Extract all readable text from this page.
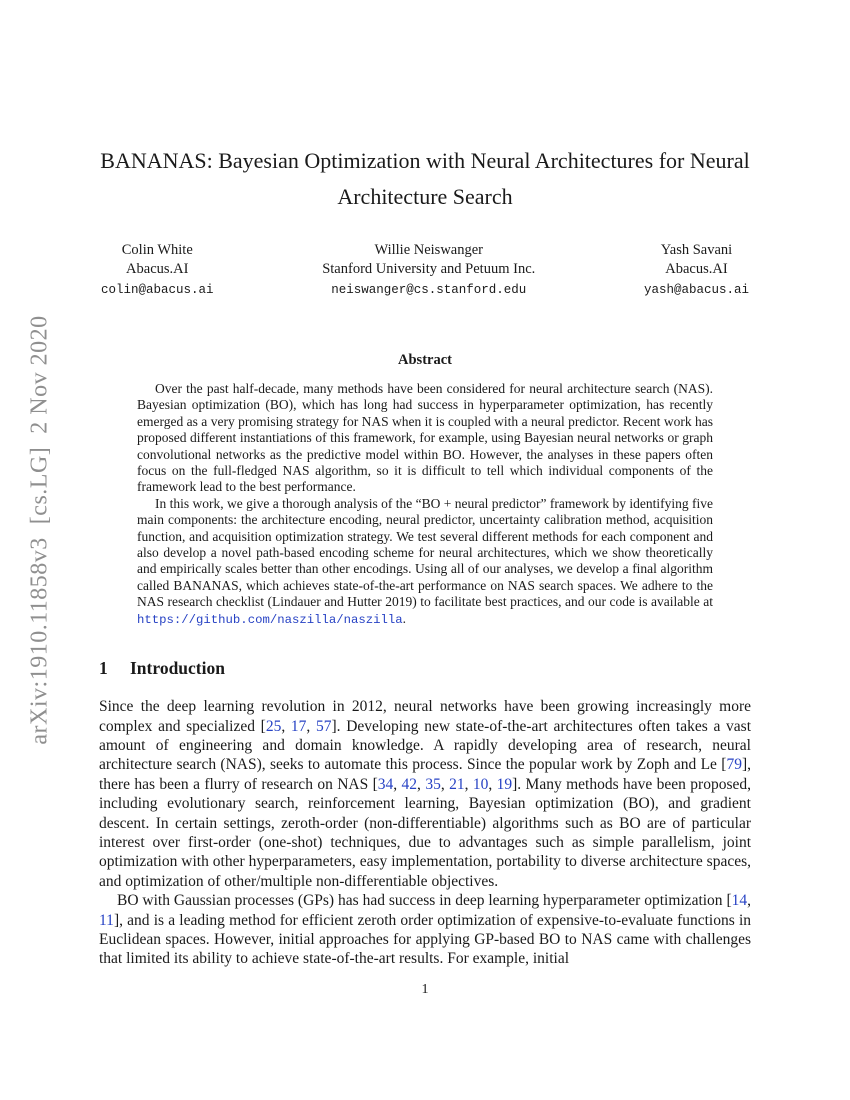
arXiv:1910.11858v3  [cs.LG]  2 Nov 2020
BANANAS: Bayesian Optimization with Neural Architectures for Neural Architecture Search
Colin White
Abacus.AI
colin@abacus.ai
Willie Neiswanger
Stanford University and Petuum Inc.
neiswanger@cs.stanford.edu
Yash Savani
Abacus.AI
yash@abacus.ai
Abstract

Over the past half-decade, many methods have been considered for neural architecture search (NAS). Bayesian optimization (BO), which has long had success in hyperparameter optimization, has recently emerged as a very promising strategy for NAS when it is coupled with a neural predictor. Recent work has proposed different instantiations of this framework, for example, using Bayesian neural networks or graph convolutional networks as the predictive model within BO. However, the analyses in these papers often focus on the full-fledged NAS algorithm, so it is difficult to tell which individual components of the framework lead to the best performance.

In this work, we give a thorough analysis of the “BO + neural predictor” framework by identifying five main components: the architecture encoding, neural predictor, uncertainty calibration method, acquisition function, and acquisition optimization strategy. We test several different methods for each component and also develop a novel path-based encoding scheme for neural architectures, which we show theoretically and empirically scales better than other encodings. Using all of our analyses, we develop a final algorithm called BANANAS, which achieves state-of-the-art performance on NAS search spaces. We adhere to the NAS research checklist (Lindauer and Hutter 2019) to facilitate best practices, and our code is available at https://github.com/naszilla/naszilla.

1 Introduction

Since the deep learning revolution in 2012, neural networks have been growing increasingly more complex and specialized [25, 17, 57]. Developing new state-of-the-art architectures often takes a vast amount of engineering and domain knowledge. A rapidly developing area of research, neural architecture search (NAS), seeks to automate this process. Since the popular work by Zoph and Le [79], there has been a flurry of research on NAS [34, 42, 35, 21, 10, 19]. Many methods have been proposed, including evolutionary search, reinforcement learning, Bayesian optimization (BO), and gradient descent. In certain settings, zeroth-order (non-differentiable) algorithms such as BO are of particular interest over first-order (one-shot) techniques, due to advantages such as simple parallelism, joint optimization with other hyperparameters, easy implementation, portability to diverse architecture spaces, and optimization of other/multiple non-differentiable objectives.

BO with Gaussian processes (GPs) has had success in deep learning hyperparameter optimization [14, 11], and is a leading method for efficient zeroth order optimization of expensive-to-evaluate functions in Euclidean spaces. However, initial approaches for applying GP-based BO to NAS came with challenges that limited its ability to achieve state-of-the-art results. For example, initial

1
